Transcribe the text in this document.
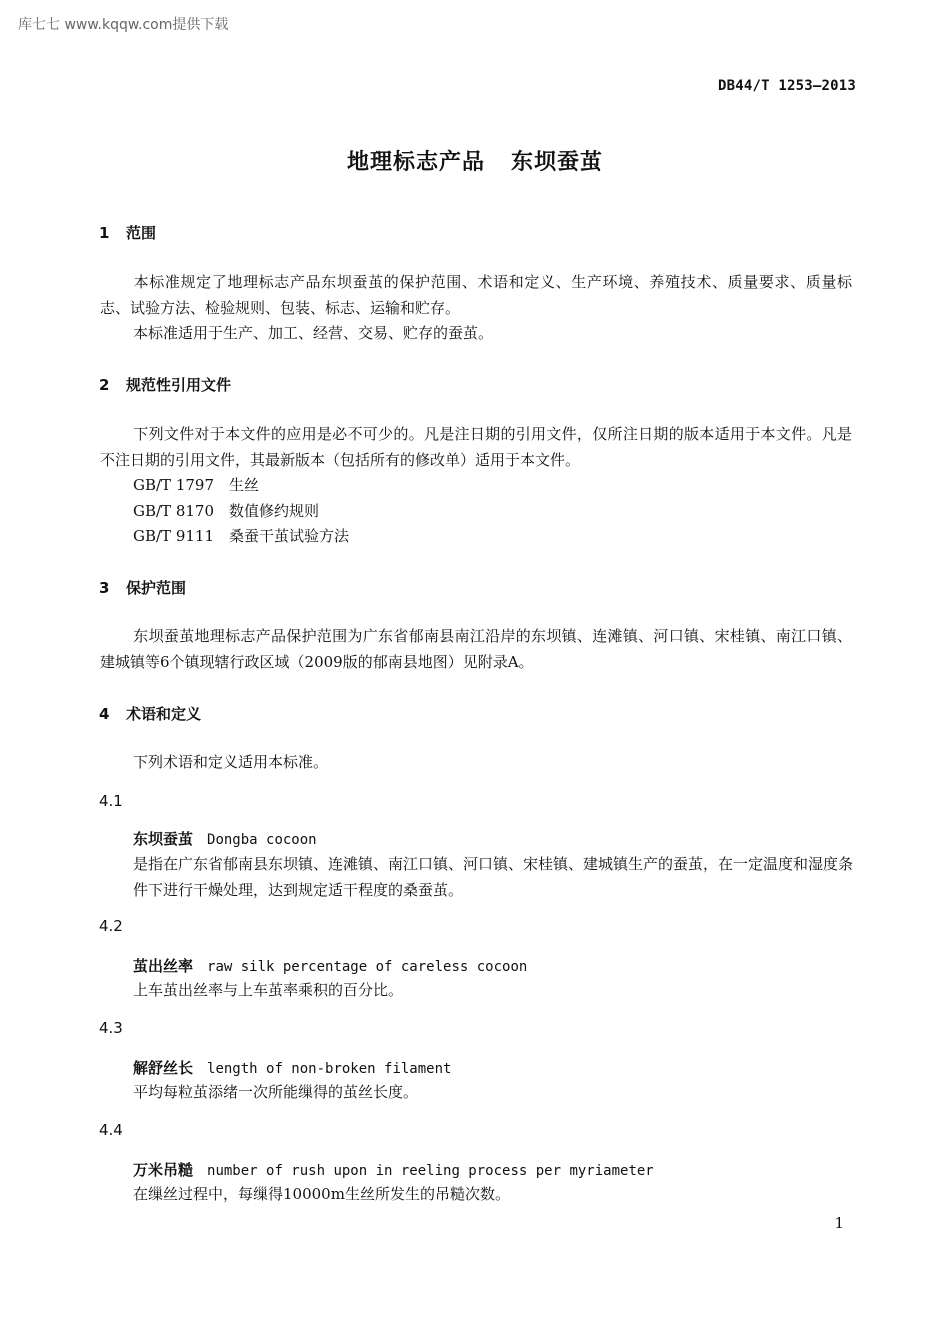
库七七 www.kqqw.com提供下载
DB44/T 1253—2013
地理标志产品 东坝蚕茧
1 范围
本标准规定了地理标志产品东坝蚕茧的保护范围、术语和定义、生产环境、养殖技术、质量要求、质量标志、试验方法、检验规则、包装、标志、运输和贮存。
本标准适用于生产、加工、经营、交易、贮存的蚕茧。
2 规范性引用文件
下列文件对于本文件的应用是必不可少的。凡是注日期的引用文件，仅所注日期的版本适用于本文件。凡是不注日期的引用文件，其最新版本（包括所有的修改单）适用于本文件。
GB/T 1797 生丝
GB/T 8170 数值修约规则
GB/T 9111 桑蚕干茧试验方法
3 保护范围
东坝蚕茧地理标志产品保护范围为广东省郁南县南江沿岸的东坝镇、连滩镇、河口镇、宋桂镇、南江口镇、建城镇等6个镇现辖行政区域（2009版的郁南县地图）见附录A。
4 术语和定义
下列术语和定义适用本标准。
4.1
东坝蚕茧 Dongba cocoon
是指在广东省郁南县东坝镇、连滩镇、南江口镇、河口镇、宋桂镇、建城镇生产的蚕茧，在一定温度和湿度条件下进行干燥处理，达到规定适干程度的桑蚕茧。
4.2
茧出丝率 raw silk percentage of careless cocoon
上车茧出丝率与上车茧率乘积的百分比。
4.3
解舒丝长 length of non-broken filament
平均每粒茧添绪一次所能缫得的茧丝长度。
4.4
万米吊糙 number of rush upon in reeling process per myriameter
在缫丝过程中，每缫得10000m生丝所发生的吊糙次数。
1
